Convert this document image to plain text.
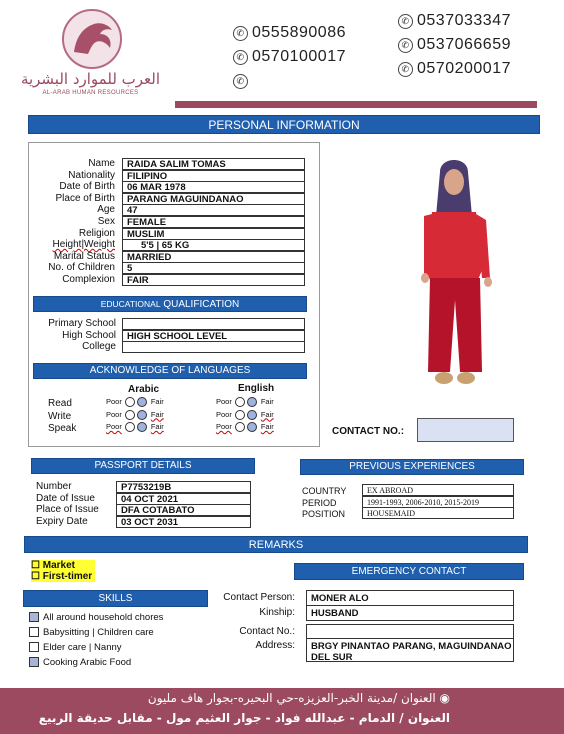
العرب للموارد البشرية
AL-ARAB HUMAN RESOURCES
✆ 0555890086
✆ 0570100017
✆
✆ 0537033347
✆ 0537066659
✆ 0570200017
PERSONAL INFORMATION
Name	RAIDA SALIM TOMAS
Nationality	FILIPINO
Date of Birth	06 MAR 1978
Place of Birth	PARANG MAGUINDANAO
Age	47
Sex	FEMALE
Religion	MUSLIM
Height|Weight	5'5 | 65 KG
Marital Status	MARRIED
No. of Children	5
Complexion	FAIR
EDUCATIONAL QUALIFICATION
Primary School
High School	HIGH SCHOOL LEVEL
College
ACKNOWLEDGE OF LANGUAGES
Arabic	English
Read	Poor	Fair	Poor	Fair
Write	Poor	Fair	Poor	Fair
Speak	Poor	Fair	Poor	Fair	CONTACT NO.:
PASSPORT DETAILS
Number	P7753219B
Date of Issue	04 OCT 2021
Place of Issue	DFA COTABATO
Expiry Date	03 OCT 2031
PREVIOUS EXPERIENCES
COUNTRY	EX ABROAD
PERIOD	1991-1993, 2006-2010, 2015-2019
POSITION	HOUSEMAID
REMARKS
☐ Market
☐ First-timer	EMERGENCY CONTACT
Contact Person:	MONER ALO
Kinship:	HUSBAND
Contact No.:
Address:	BRGY PINANTAO PARANG, MAGUINDANAO DEL SUR
SKILLS
All around household chores
Babysitting | Children care
Elder care | Nanny
Cooking Arabic Food
العنوان /مدينة الخبر-العزيزه-حي البحيره-بجوار هاف مليون ◉
العنوان / الدمام - عبدالله فواد - جوار العثيم مول - مقابل حديقة الربيع
